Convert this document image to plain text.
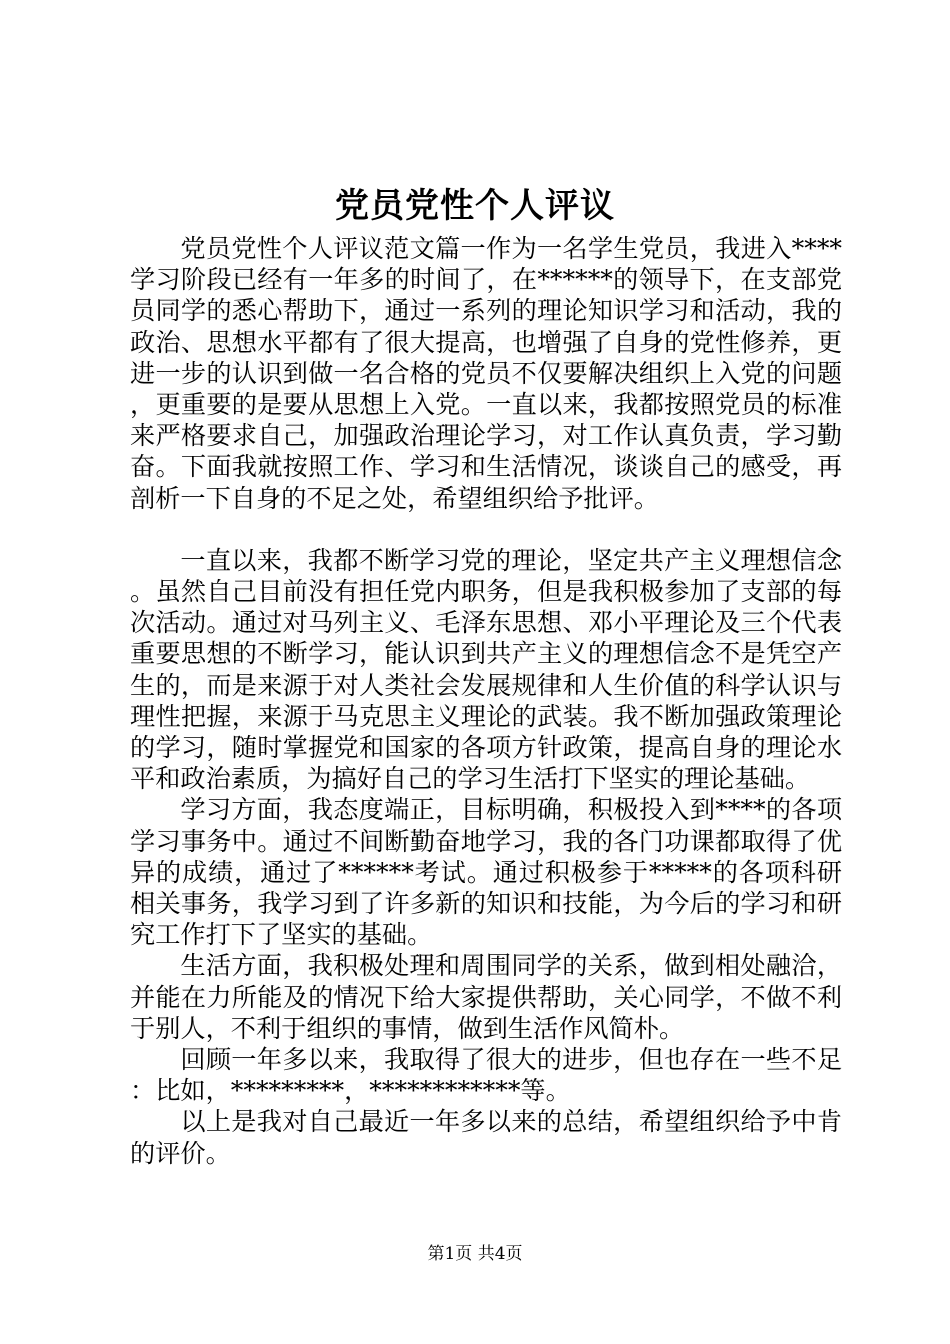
党员党性个人评议

党员党性个人评议范文篇一作为一名学生党员，我进入****学习阶段已经有一年多的时间了，在******的领导下，在支部党员同学的悉心帮助下，通过一系列的理论知识学习和活动，我的政治、思想水平都有了很大提高，也增强了自身的党性修养，更进一步的认识到做一名合格的党员不仅要解决组织上入党的问题，更重要的是要从思想上入党。一直以来，我都按照党员的标准来严格要求自己，加强政治理论学习，对工作认真负责，学习勤奋。下面我就按照工作、学习和生活情况，谈谈自己的感受，再剖析一下自身的不足之处，希望组织给予批评。

一直以来，我都不断学习党的理论，坚定共产主义理想信念。虽然自己目前没有担任党内职务，但是我积极参加了支部的每次活动。通过对马列主义、毛泽东思想、邓小平理论及三个代表重要思想的不断学习，能认识到共产主义的理想信念不是凭空产生的，而是来源于对人类社会发展规律和人生价值的科学认识与理性把握，来源于马克思主义理论的武装。我不断加强政策理论的学习，随时掌握党和国家的各项方针政策，提高自身的理论水平和政治素质，为搞好自己的学习生活打下坚实的理论基础。

学习方面，我态度端正，目标明确，积极投入到****的各项学习事务中。通过不间断勤奋地学习，我的各门功课都取得了优异的成绩，通过了******考试。通过积极参于*****的各项科研相关事务，我学习到了许多新的知识和技能，为今后的学习和研究工作打下了坚实的基础。

生活方面，我积极处理和周围同学的关系，做到相处融洽，并能在力所能及的情况下给大家提供帮助，关心同学，不做不利于别人，不利于组织的事情，做到生活作风简朴。

回顾一年多以来，我取得了很大的进步，但也存在一些不足：比如，*********，************等。

以上是我对自己最近一年多以来的总结，希望组织给予中肯的评价。

第1页 共4页
